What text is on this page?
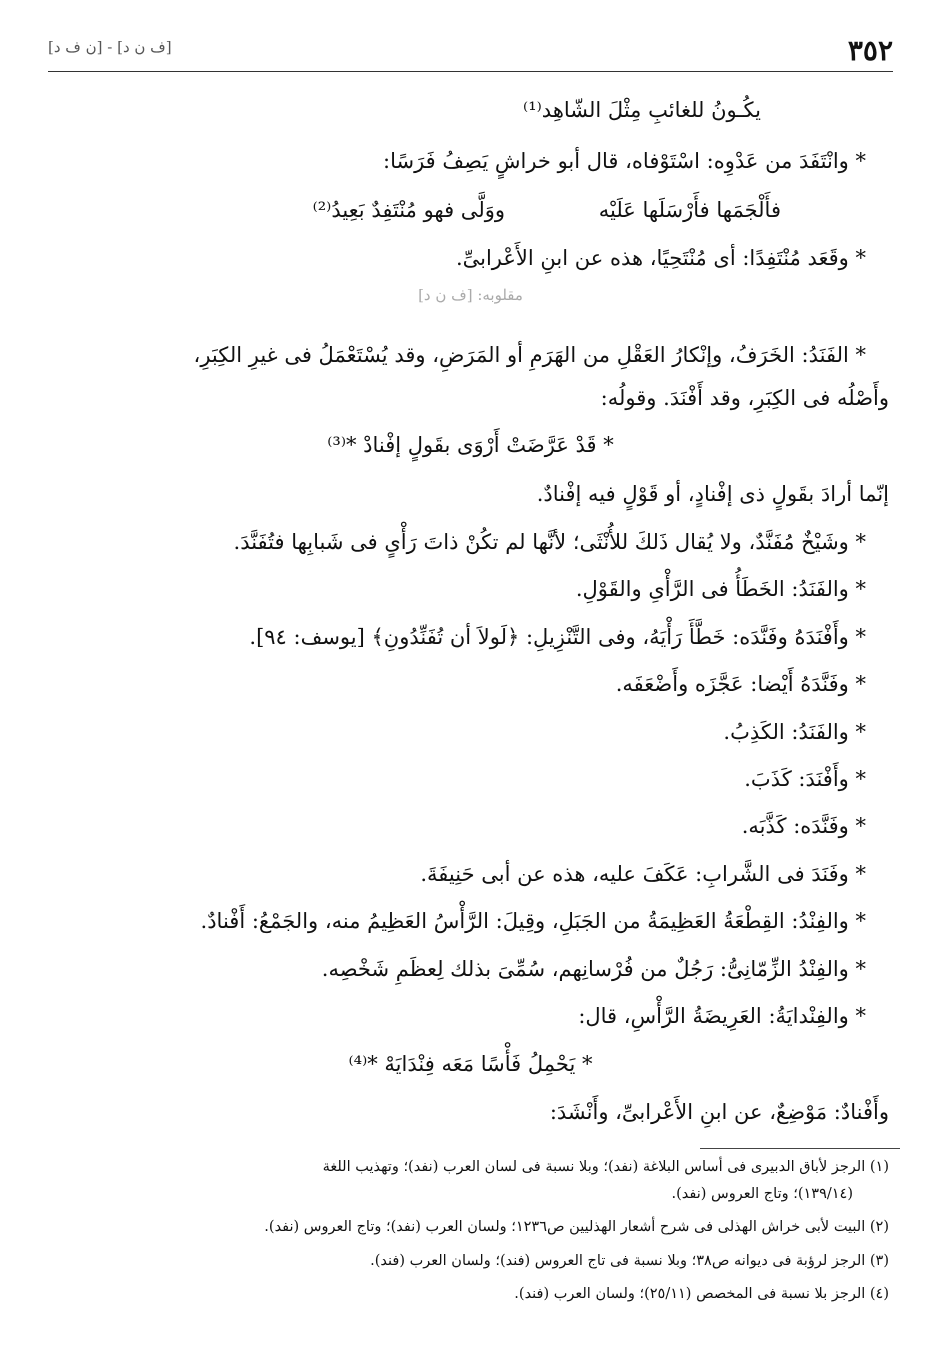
٣٥٢
[ن ف د] - [ف ن د]
يكُـونُ للغائبِ مِثْلَ الشّاهِد⁽¹⁾
* وانْتَفَدَ من عَدْوِه: اسْتَوْفاه، قال أبو خراشٍ يَصِفُ فَرَسًا:
فأَلْجَمَها فأَرْسَلَها عَلَيْه
ووَلَّى فهو مُنْتَفِدٌ بَعِيدُ⁽²⁾
* وقَعَد مُنْتَفِدًا: أى مُنْتَحِيًا، هذه عن ابنِ الأَعْرابىِّ.
مقلوبه: [ف ن د]
* الفَنَدُ: الخَرَفُ، وإنْكارُ العَقْلِ من الهَرَمِ أو المَرَضِ، وقد يُسْتَعْمَلُ فى غيرِ الكِبَرِ،
وأَصْلُه فى الكِبَرِ، وقد أَفْنَدَ. وقولُه:
* قَدْ عَرَّضَتْ أَرْوَى بقَولٍ إفْنادْ *⁽³⁾
إنّما أرادَ بقَولٍ ذى إفْنادٍ، أو قَوْلٍ فيه إفْنادٌ.
* وشَيْخٌ مُفَنَّدٌ، ولا يُقال ذَلكَ للأُنْثَى؛ لأنَّها لم تكُنْ ذاتَ رَأْىٍ فى شَبابِها فتُفَنَّدَ.
* والفَنَدُ: الخَطَأُ فى الرَّأْىِ والقَوْلِ.
* وأَفْنَدَهُ وفَنَّدَه: خَطَّأَ رَأْيَهُ، وفى التَّنْزِيلِ: ﴿لَولاَ أن تُفَنِّدُونِ﴾ [يوسف: ٩٤].
* وفَنَّدَهُ أَيْضا: عَجَّزَه وأَضْعَفَه.
* والفَنَدُ: الكَذِبُ.
* وأَفْنَدَ: كَذَبَ.
* وفَنَّدَه: كَذَّبَه.
* وفَنَدَ فى الشَّرابِ: عَكَفَ عليه، هذه عن أبى حَنِيفَةَ.
* والفِنْدُ: القِطْعَةُ العَظِيمَةُ من الجَبَلِ، وقِيلَ: الرَّأْسُ العَظِيمُ منه، والجَمْعُ: أَفْنادٌ.
* والفِنْدُ الزِّمّانِىُّ: رَجُلٌ من فُرْسانِهم، سُمِّىَ بذلك لِعظَمِ شَخْصِه.
* والفِنْدايَةُ: العَرِيضَةُ الرَّأْسِ، قال:
* يَحْمِلُ فَأْسًا مَعَه فِنْدَايَهْ *⁽⁴⁾
وأَفْنادٌ: مَوْضِعٌ، عن ابنِ الأَعْرابىِّ، وأَنْشَدَ:
(١) الرجز لأباق الدبيرى فى أساس البلاغة (نفد)؛ وبلا نسبة فى لسان العرب (نفد)؛ وتهذيب اللغة
(١٣٩/١٤)؛ وتاج العروس (نفد).
(٢) البيت لأبى خراش الهذلى فى شرح أشعار الهذليين ص١٢٣٦؛ ولسان العرب (نفد)؛ وتاج العروس (نفد).
(٣) الرجز لرؤبة فى ديوانه ص٣٨؛ وبلا نسبة فى تاج العروس (فند)؛ ولسان العرب (فند).
(٤) الرجز بلا نسبة فى المخصص (٢٥/١١)؛ ولسان العرب (فند).
